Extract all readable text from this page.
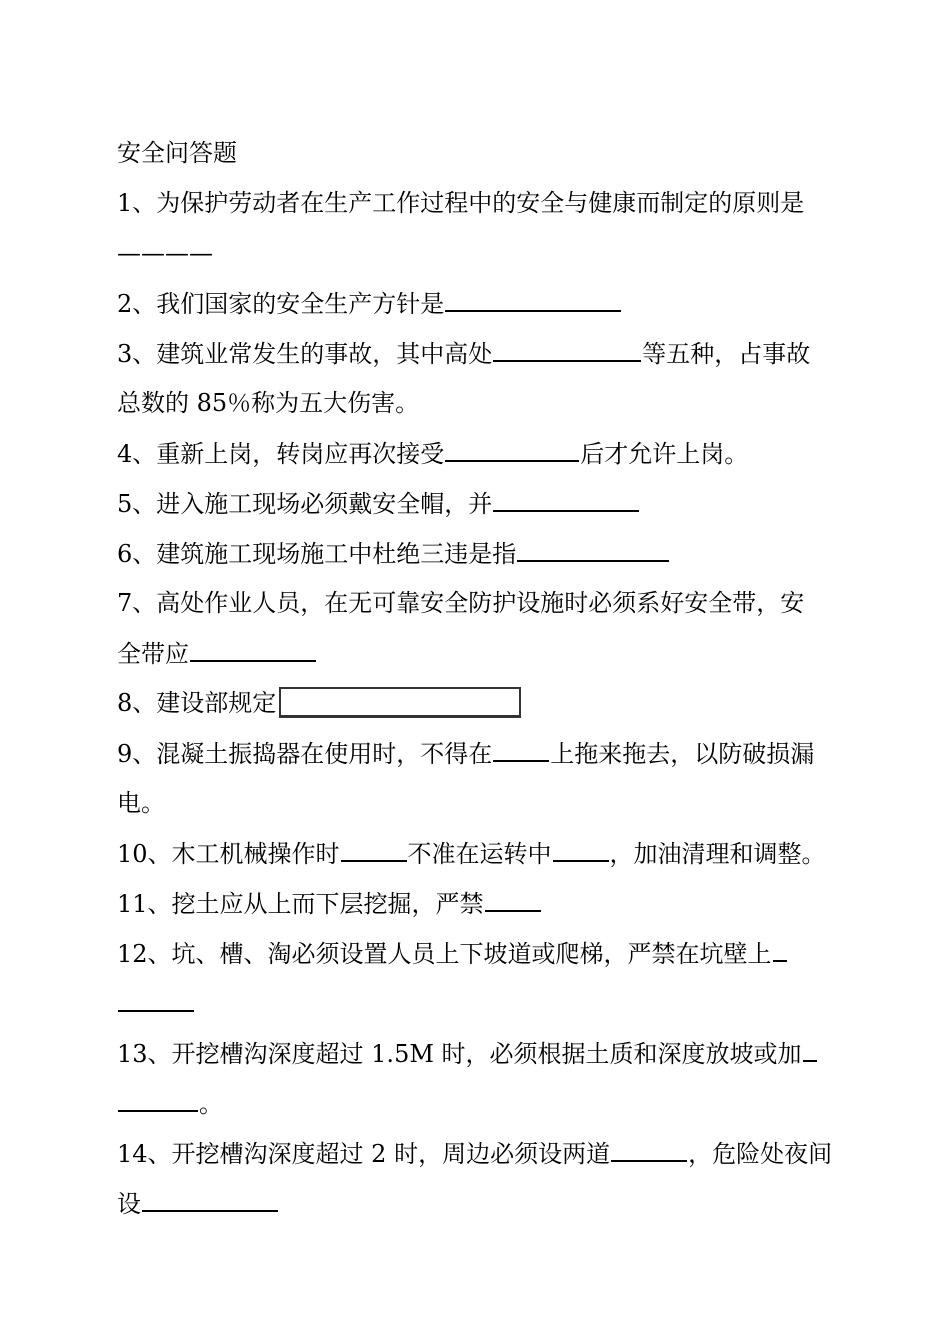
安全问答题
1、为保护劳动者在生产工作过程中的安全与健康而制定的原则是
————
2、我们国家的安全生产方针是
3、建筑业常发生的事故，其中高处	等五种，占事故
总数的 85％称为五大伤害。
4、重新上岗，转岗应再次接受	后才允许上岗。
5、进入施工现场必须戴安全帽，并
6、建筑施工现场施工中杜绝三违是指
7、高处作业人员，在无可靠安全防护设施时必须系好安全带，安
全带应
8、建设部规定
9、混凝土振捣器在使用时，不得在 上拖来拖去，以防破损漏
电。
10、木工机械操作时	不准在运转中 ，加油清理和调整。
11、挖土应从上而下层挖掘，严禁
12、坑、槽、淘必须设置人员上下坡道或爬梯，严禁在坑壁上
13、开挖槽沟深度超过 1.5M 时，必须根据土质和深度放坡或加
。
14、开挖槽沟深度超过 2 时，周边必须设两道	，危险处夜间
设
